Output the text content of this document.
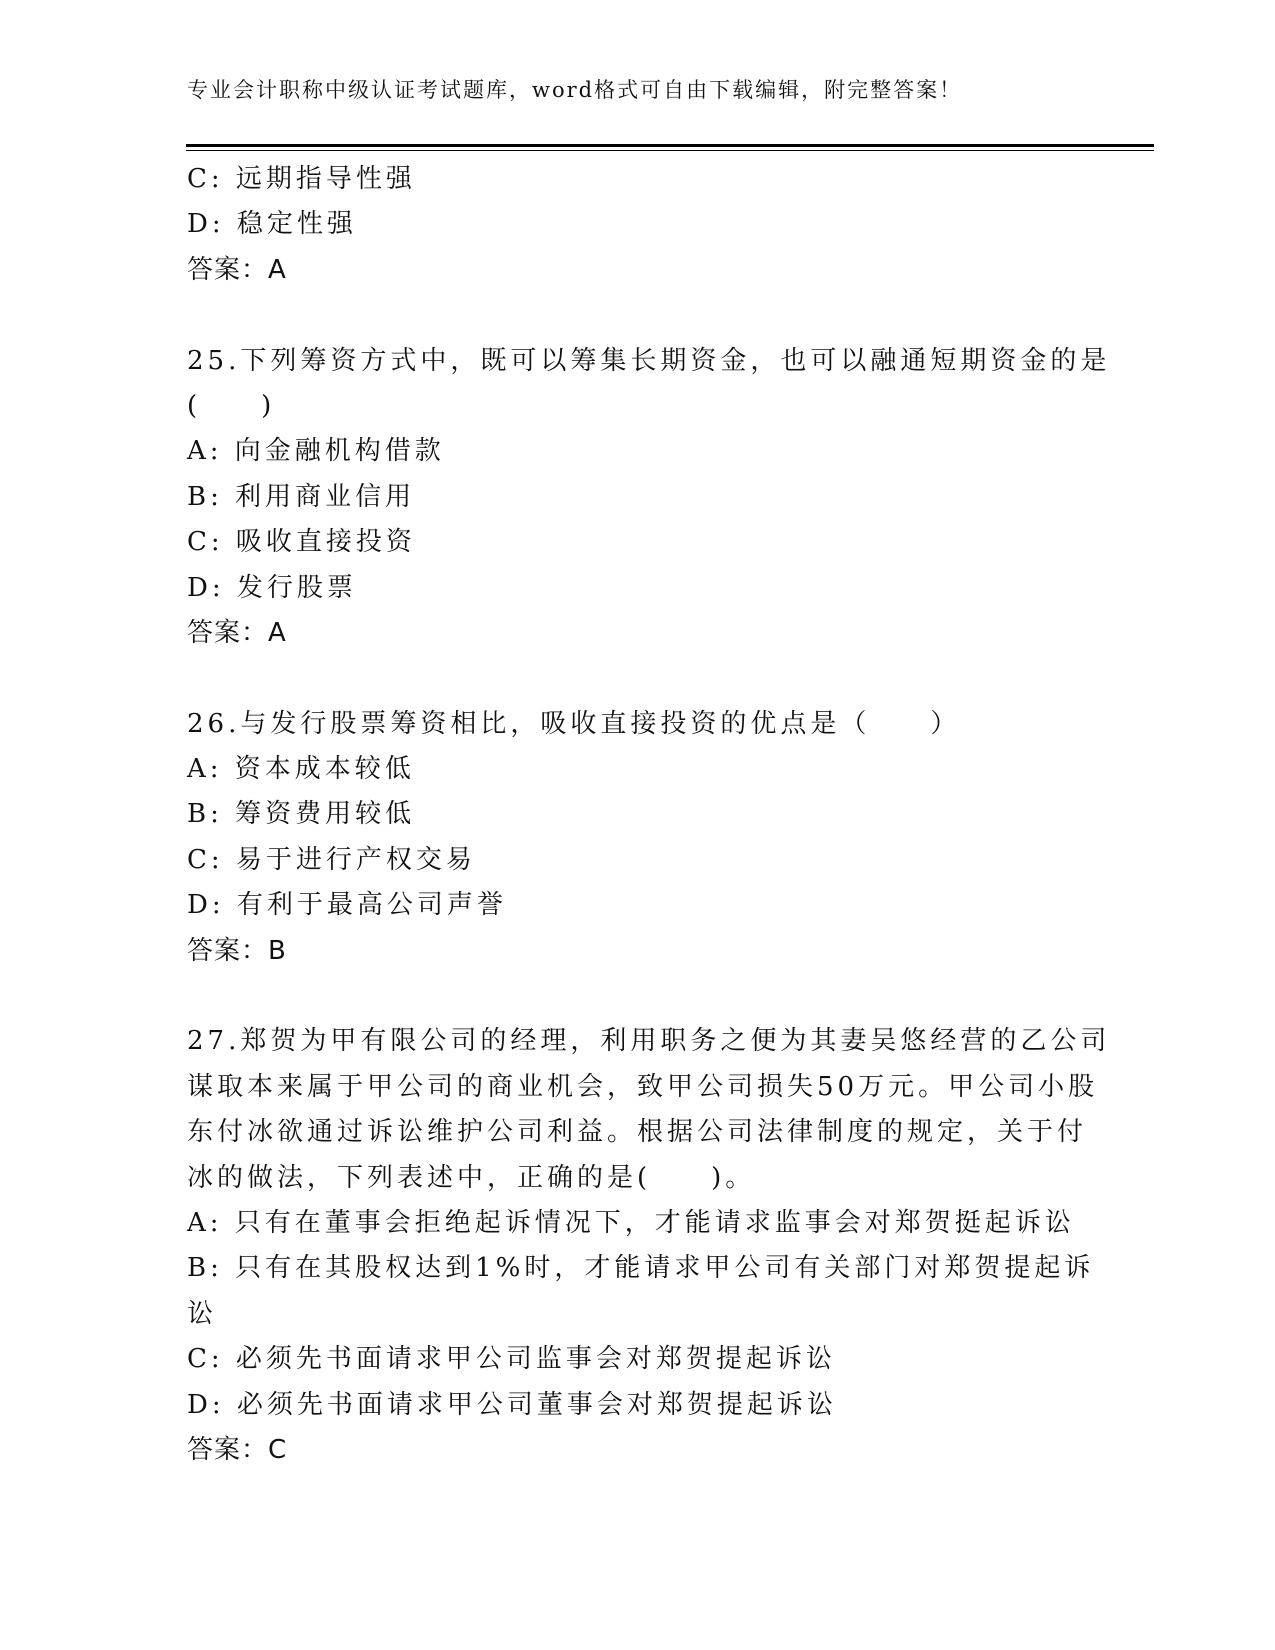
专业会计职称中级认证考试题库，word格式可自由下载编辑，附完整答案！
C: 远期指导性强
D: 稳定性强
答案：A
25.下列筹资方式中，既可以筹集长期资金，也可以融通短期资金的是
(　　)
A: 向金融机构借款
B: 利用商业信用
C: 吸收直接投资
D: 发行股票
答案：A
26.与发行股票筹资相比，吸收直接投资的优点是（　　）
A: 资本成本较低
B: 筹资费用较低
C: 易于进行产权交易
D: 有利于最高公司声誉
答案：B
27.郑贺为甲有限公司的经理，利用职务之便为其妻吴悠经营的乙公司
谋取本来属于甲公司的商业机会，致甲公司损失50万元。甲公司小股
东付冰欲通过诉讼维护公司利益。根据公司法律制度的规定，关于付
冰的做法，下列表述中，正确的是(　　)。
A: 只有在董事会拒绝起诉情况下，才能请求监事会对郑贺挺起诉讼
B: 只有在其股权达到1%时，才能请求甲公司有关部门对郑贺提起诉
讼
C: 必须先书面请求甲公司监事会对郑贺提起诉讼
D: 必须先书面请求甲公司董事会对郑贺提起诉讼
答案：C
